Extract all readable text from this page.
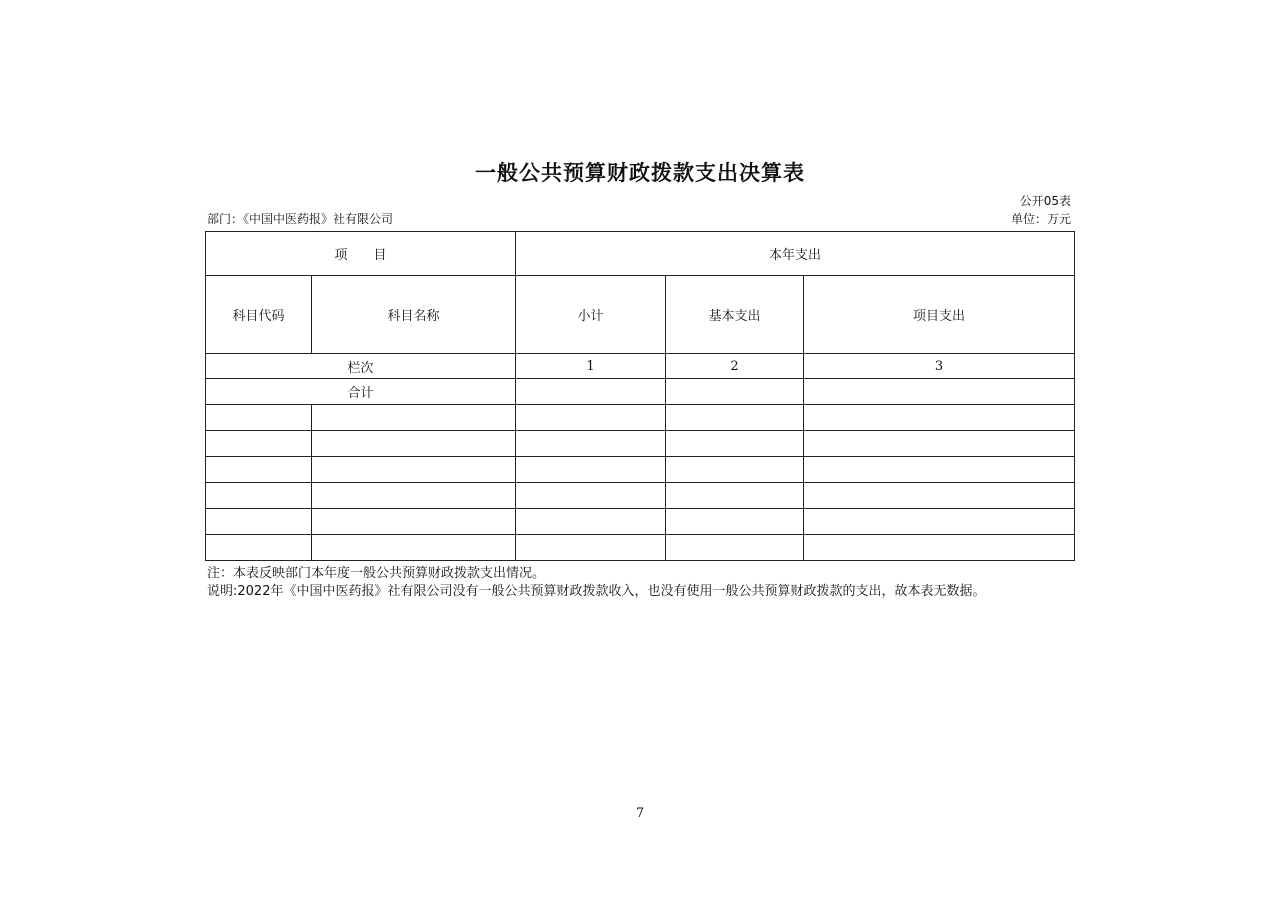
一般公共预算财政拨款支出决算表
公开05表
部门：《中国中医药报》社有限公司	单位：万元
项　　目		本年支出		
科目代码	科目名称	小计	基本支出	项目支出
栏次		1	2	3
合计				

注：本表反映部门本年度一般公共预算财政拨款支出情况。
说明:2022年《中国中医药报》社有限公司没有一般公共预算财政拨款收入，也没有使用一般公共预算财政拨款的支出，故本表无数据。
7
